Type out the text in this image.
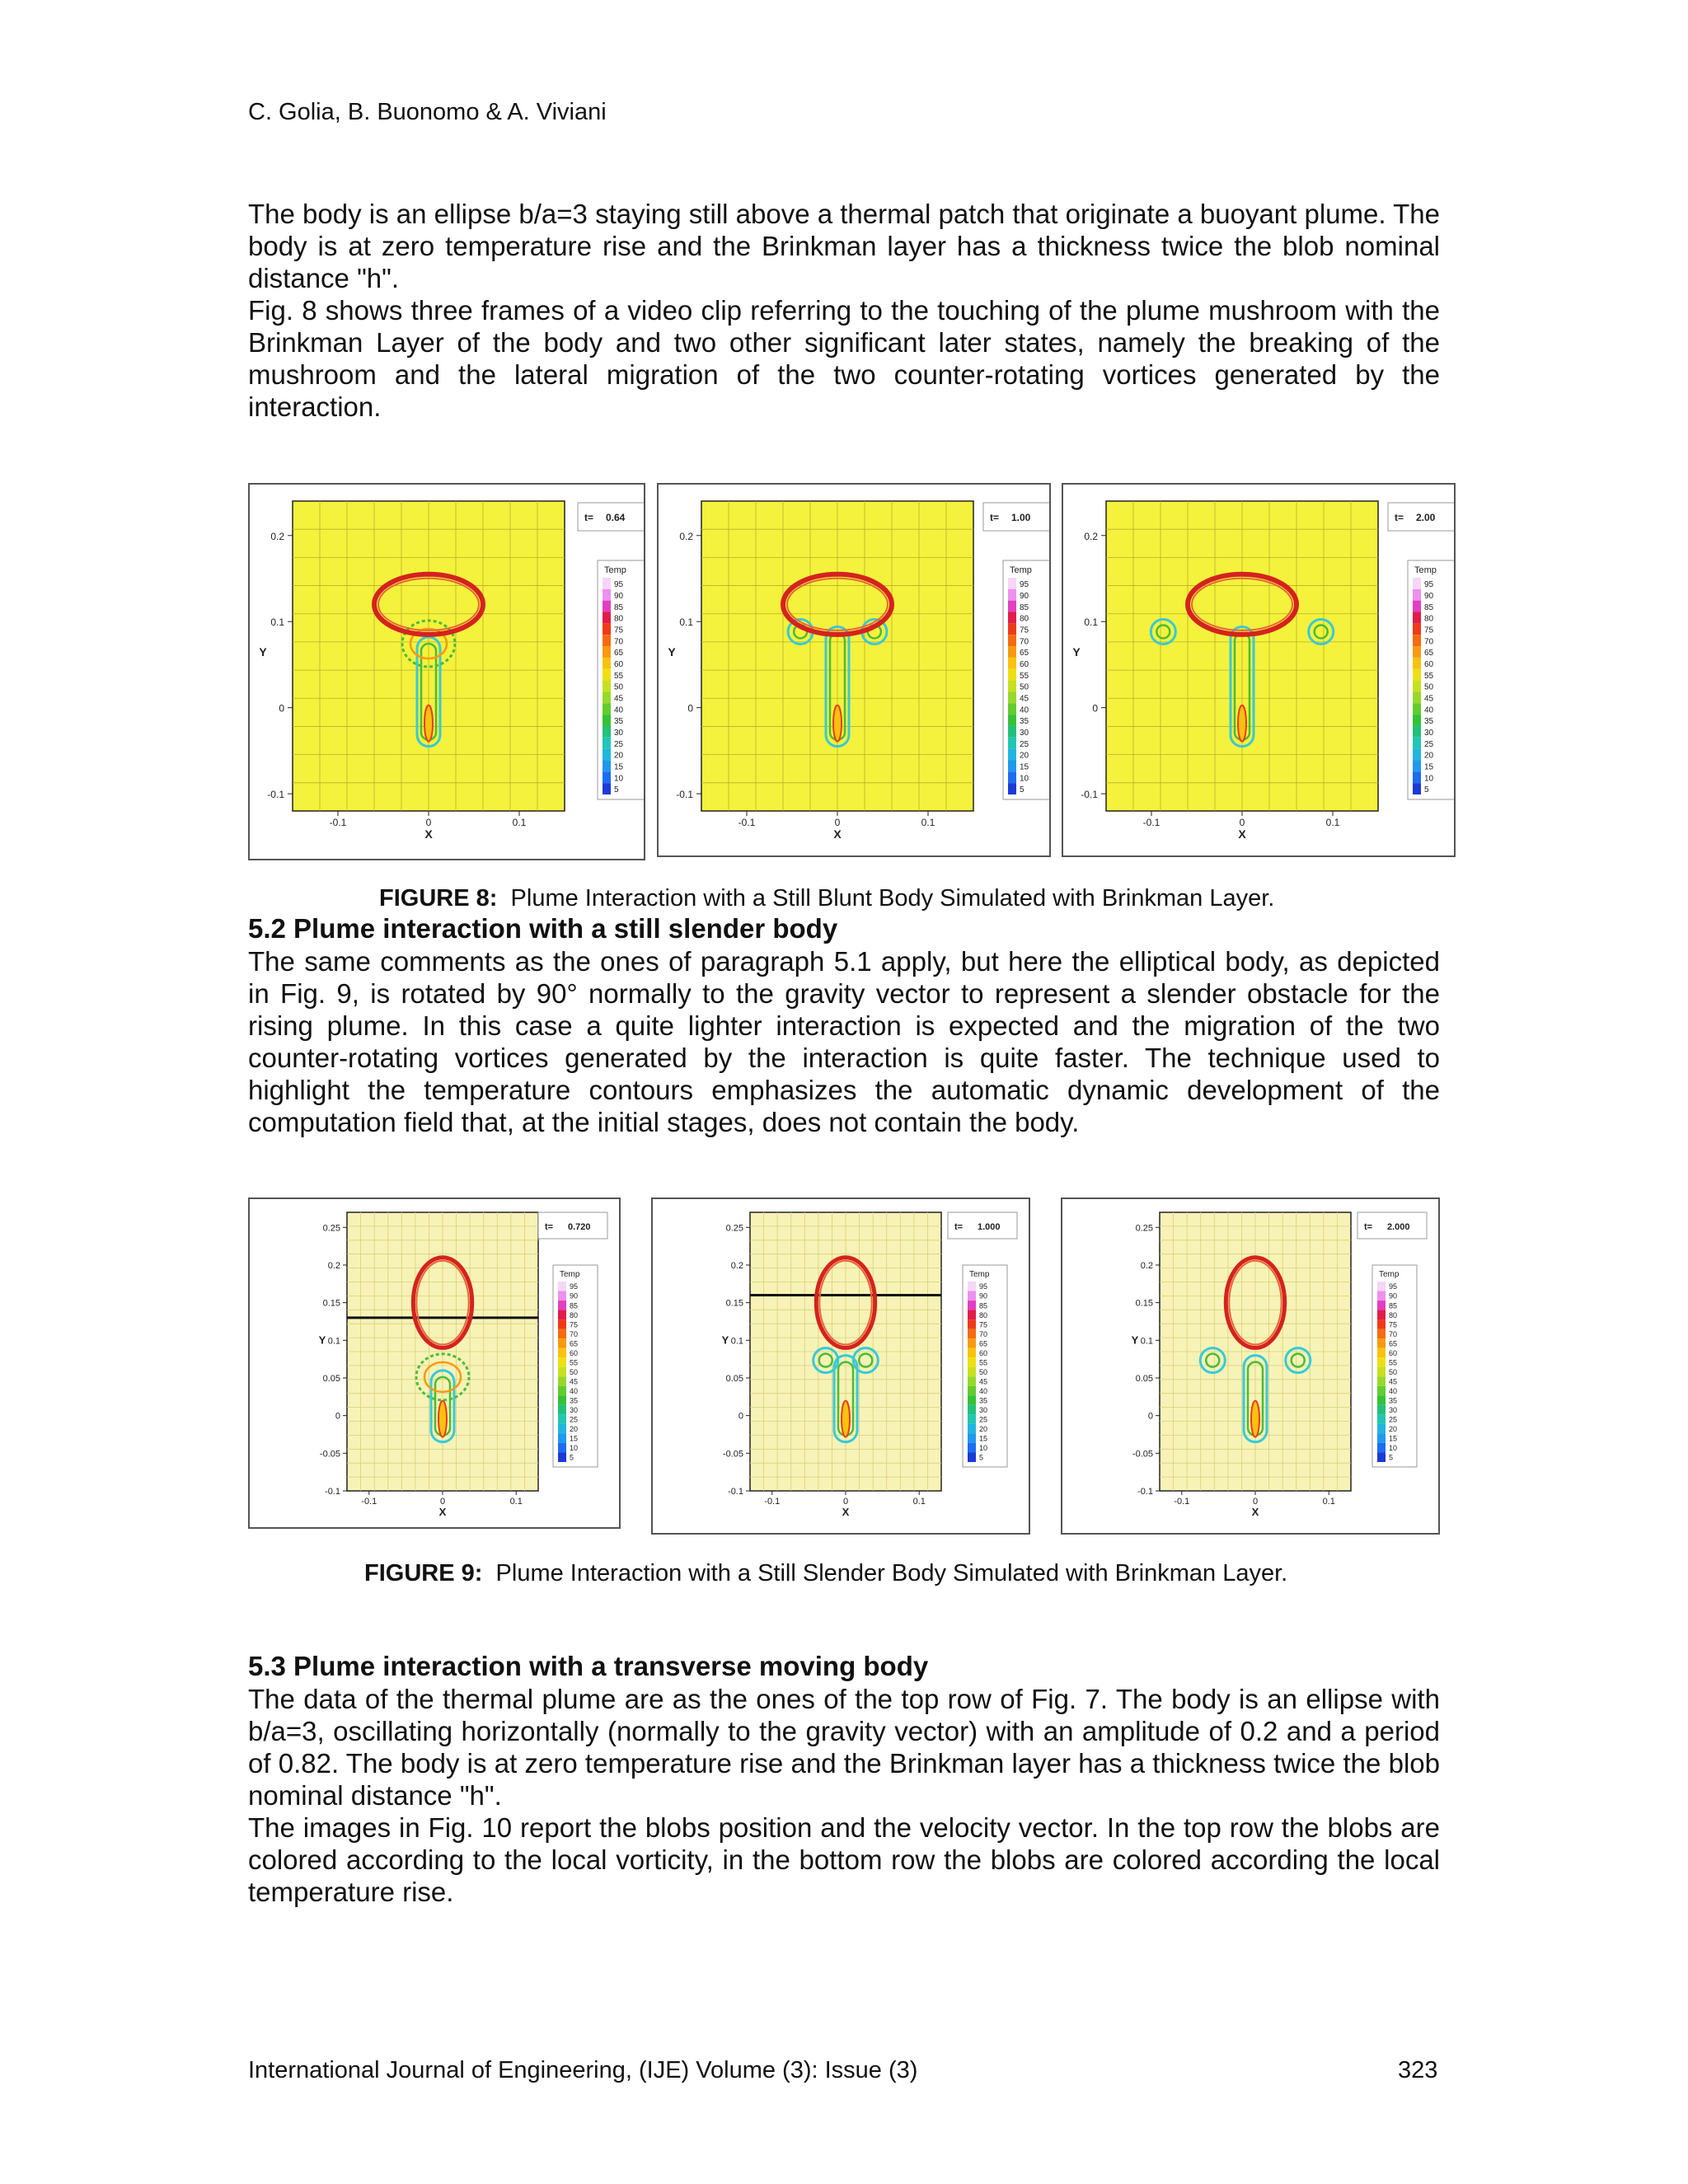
C. Golia, B. Buonomo & A. Viviani

The body is an ellipse b/a=3 staying still above a thermal patch that originate a buoyant plume. The body is at zero temperature rise and the Brinkman layer has a thickness twice the blob nominal distance "h".

Fig. 8 shows three frames of a video clip referring to the touching of the plume mushroom with the Brinkman Layer of the body and two other significant later states, namely the breaking of the mushroom and the lateral migration of the two counter-rotating vortices generated by the interaction.

0.2
0.1
0
-0.1
-0.1	0	0.1
X
Y
t= 0.64
Temp
95
90
85
80
75
70
65
60
55
50
45
40
35
30
25
20
15
10
5
0.2
0.1
0
-0.1
-0.1	0	0.1
X
Y
t= 1.00
Temp
95
90
85
80
75
70
65
60
55
50
45
40
35
30
25
20
15
10
5
0.2
0.1
0
-0.1
-0.1	0	0.1
X
Y
t= 2.00
Temp
95
90
85
80
75
70
65
60
55
50
45
40
35
30
25
20
15
10
5
FIGURE 8: Plume Interaction with a Still Blunt Body Simulated with Brinkman Layer.
5.2 Plume interaction with a still slender body

The same comments as the ones of paragraph 5.1 apply, but here the elliptical body, as depicted in Fig. 9, is rotated by 90° normally to the gravity vector to represent a slender obstacle for the rising plume. In this case a quite lighter interaction is expected and the migration of the two counter-rotating vortices generated by the interaction is quite faster. The technique used to highlight the temperature contours emphasizes the automatic dynamic development of the computation field that, at the initial stages, does not contain the body.

0.25
0.2
0.15
0.1
0.05
0
-0.05
-0.1
-0.1	0	0.1
X
Y
t= 0.720
Temp
95
90
85
80
75
70
65
60
55
50
45
40
35
30
25
20
15
10
5
0.25
0.2
0.15
0.1
0.05
0
-0.05
-0.1
-0.1	0	0.1
X
Y
t= 1.000
Temp
95
90
85
80
75
70
65
60
55
50
45
40
35
30
25
20
15
10
5
0.25
0.2
0.15
0.1
0.05
0
-0.05
-0.1
-0.1	0	0.1
X
Y
t= 2.000
Temp
95
90
85
80
75
70
65
60
55
50
45
40
35
30
25
20
15
10
5
FIGURE 9: Plume Interaction with a Still Slender Body Simulated with Brinkman Layer.
5.3 Plume interaction with a transverse moving body

The data of the thermal plume are as the ones of the top row of Fig. 7. The body is an ellipse with b/a=3, oscillating horizontally (normally to the gravity vector) with an amplitude of 0.2 and a period of 0.82. The body is at zero temperature rise and the Brinkman layer has a thickness twice the blob nominal distance "h".

The images in Fig. 10 report the blobs position and the velocity vector. In the top row the blobs are colored according to the local vorticity, in the bottom row the blobs are colored according the local temperature rise.

International Journal of Engineering, (IJE) Volume (3): Issue (3)	323
